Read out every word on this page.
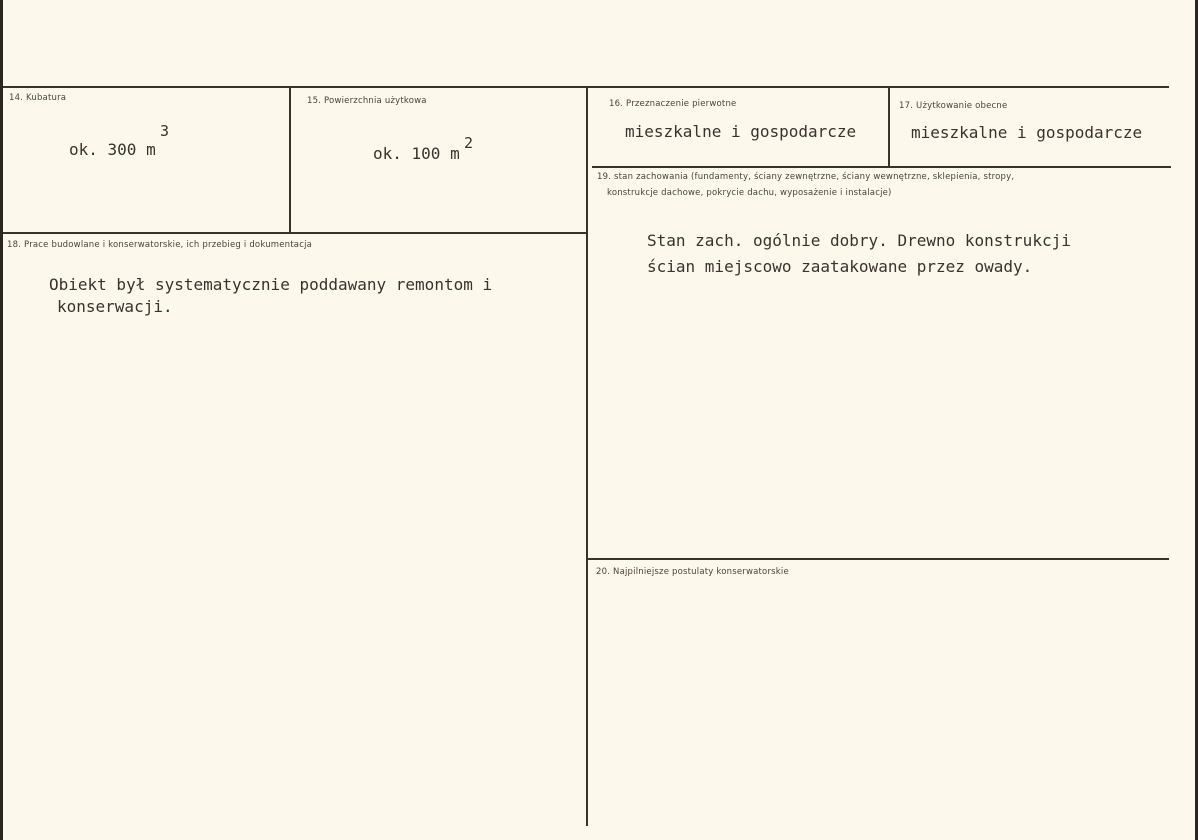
14. Kubatura
ok. 300 m
3
15. Powierzchnia użytkowa
ok. 100 m
2
16. Przeznaczenie pierwotne
mieszkalne i gospodarcze
17. Użytkowanie obecne
mieszkalne i gospodarcze
18. Prace budowlane i konserwatorskie, ich przebieg i dokumentacja
Obiekt był systematycznie poddawany remontom i
konserwacji.
19. stan zachowania (fundamenty, ściany zewnętrzne, ściany wewnętrzne, sklepienia, stropy,
konstrukcje dachowe, pokrycie dachu, wyposażenie i instalacje)
Stan zach. ogólnie dobry. Drewno konstrukcji
ścian miejscowo zaatakowane przez owady.
20. Najpilniejsze postulaty konserwatorskie
